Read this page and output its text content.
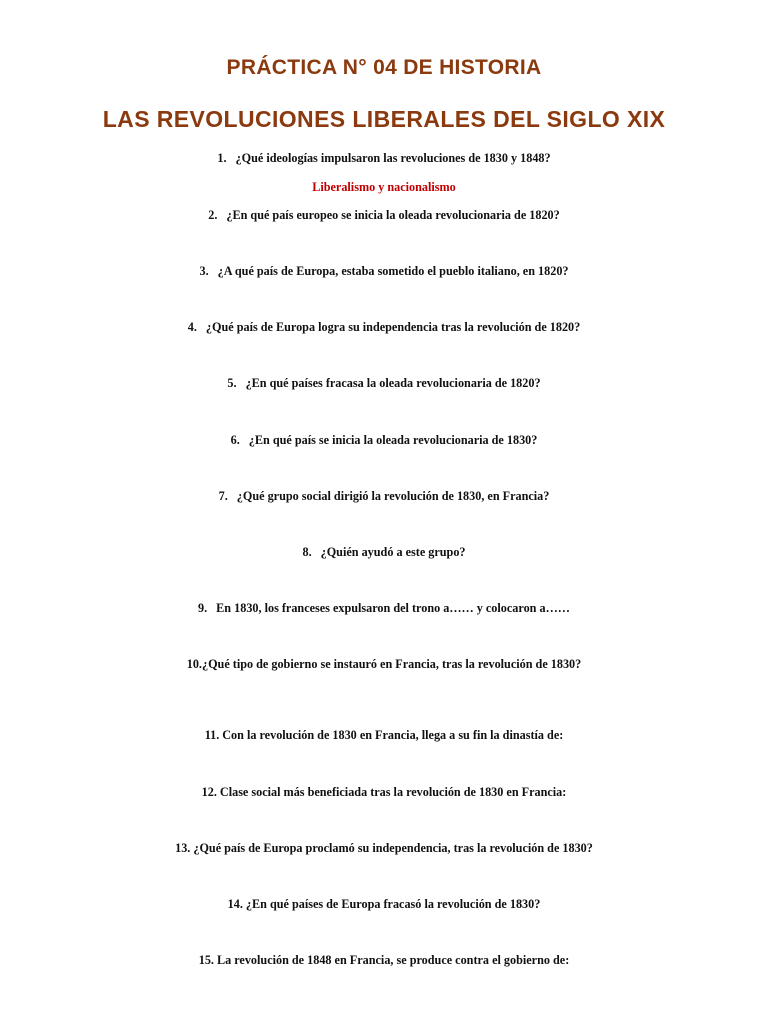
PRÁCTICA N° 04 DE HISTORIA
LAS REVOLUCIONES LIBERALES DEL SIGLO XIX

1. ¿Qué ideologías impulsaron las revoluciones de 1830 y 1848?

Liberalismo y nacionalismo

2. ¿En qué país europeo se inicia la oleada revolucionaria de 1820?

3. ¿A qué país de Europa, estaba sometido el pueblo italiano, en 1820?

4. ¿Qué país de Europa logra su independencia tras la revolución de 1820?

5. ¿En qué países fracasa la oleada revolucionaria de 1820?

6. ¿En qué país se inicia la oleada revolucionaria de 1830?

7. ¿Qué grupo social dirigió la revolución de 1830, en Francia?

8. ¿Quién ayudó a este grupo?

9. En 1830, los franceses expulsaron del trono a…… y colocaron a……

10.¿Qué tipo de gobierno se instauró en Francia, tras la revolución de 1830?

11. Con la revolución de 1830 en Francia, llega a su fin la dinastía de:

12. Clase social más beneficiada tras la revolución de 1830 en Francia:

13. ¿Qué país de Europa proclamó su independencia, tras la revolución de 1830?

14. ¿En qué países de Europa fracasó la revolución de 1830?

15. La revolución de 1848 en Francia, se produce contra el gobierno de:
